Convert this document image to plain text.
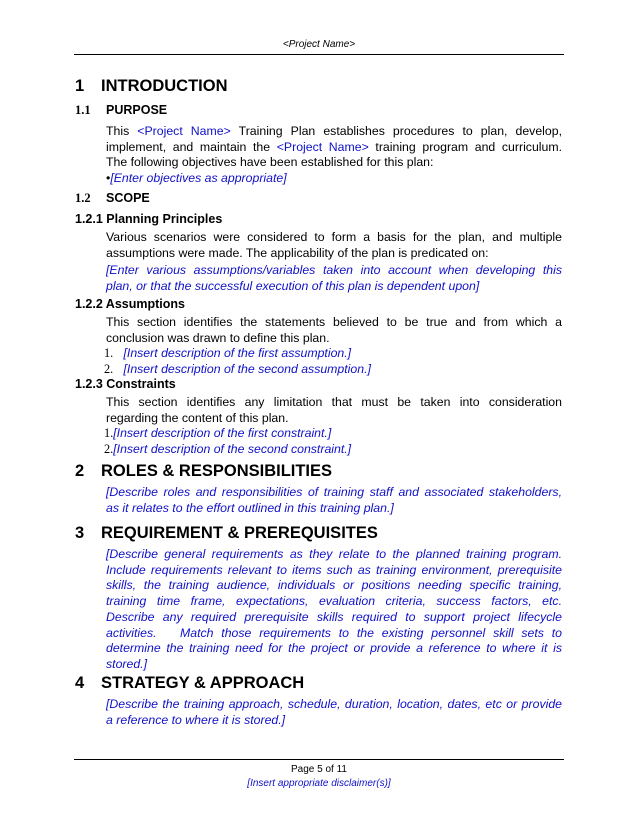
<Project Name>
1 INTRODUCTION
1.1 PURPOSE
This <Project Name> Training Plan establishes procedures to plan, develop,
implement, and maintain the <Project Name> training program and curriculum.
The following objectives have been established for this plan:
•[Enter objectives as appropriate]
1.2 SCOPE
1.2.1 Planning Principles
Various scenarios were considered to form a basis for the plan, and multiple
assumptions were made. The applicability of the plan is predicated on:
[Enter various assumptions/variables taken into account when developing this
plan, or that the successful execution of this plan is dependent upon]
1.2.2 Assumptions
This section identifies the statements believed to be true and from which a
conclusion was drawn to define this plan.
1. [Insert description of the first assumption.]
2. [Insert description of the second assumption.]
1.2.3 Constraints
This section identifies any limitation that must be taken into consideration
regarding the content of this plan.
1.[Insert description of the first constraint.]
2.[Insert description of the second constraint.]
2 ROLES & RESPONSIBILITIES
[Describe roles and responsibilities of training staff and associated stakeholders,
as it relates to the effort outlined in this training plan.]
3 REQUIREMENT & PREREQUISITES
[Describe general requirements as they relate to the planned training program.
Include requirements relevant to items such as training environment, prerequisite
skills, the training audience, individuals or positions needing specific training,
training time frame, expectations, evaluation criteria, success factors, etc.
Describe any required prerequisite skills required to support project lifecycle
activities.   Match those requirements to the existing personnel skill sets to
determine the training need for the project or provide a reference to where it is
stored.]
4 STRATEGY & APPROACH
[Describe the training approach, schedule, duration, location, dates, etc or provide
a reference to where it is stored.]
Page 5 of 11
[Insert appropriate disclaimer(s)]
